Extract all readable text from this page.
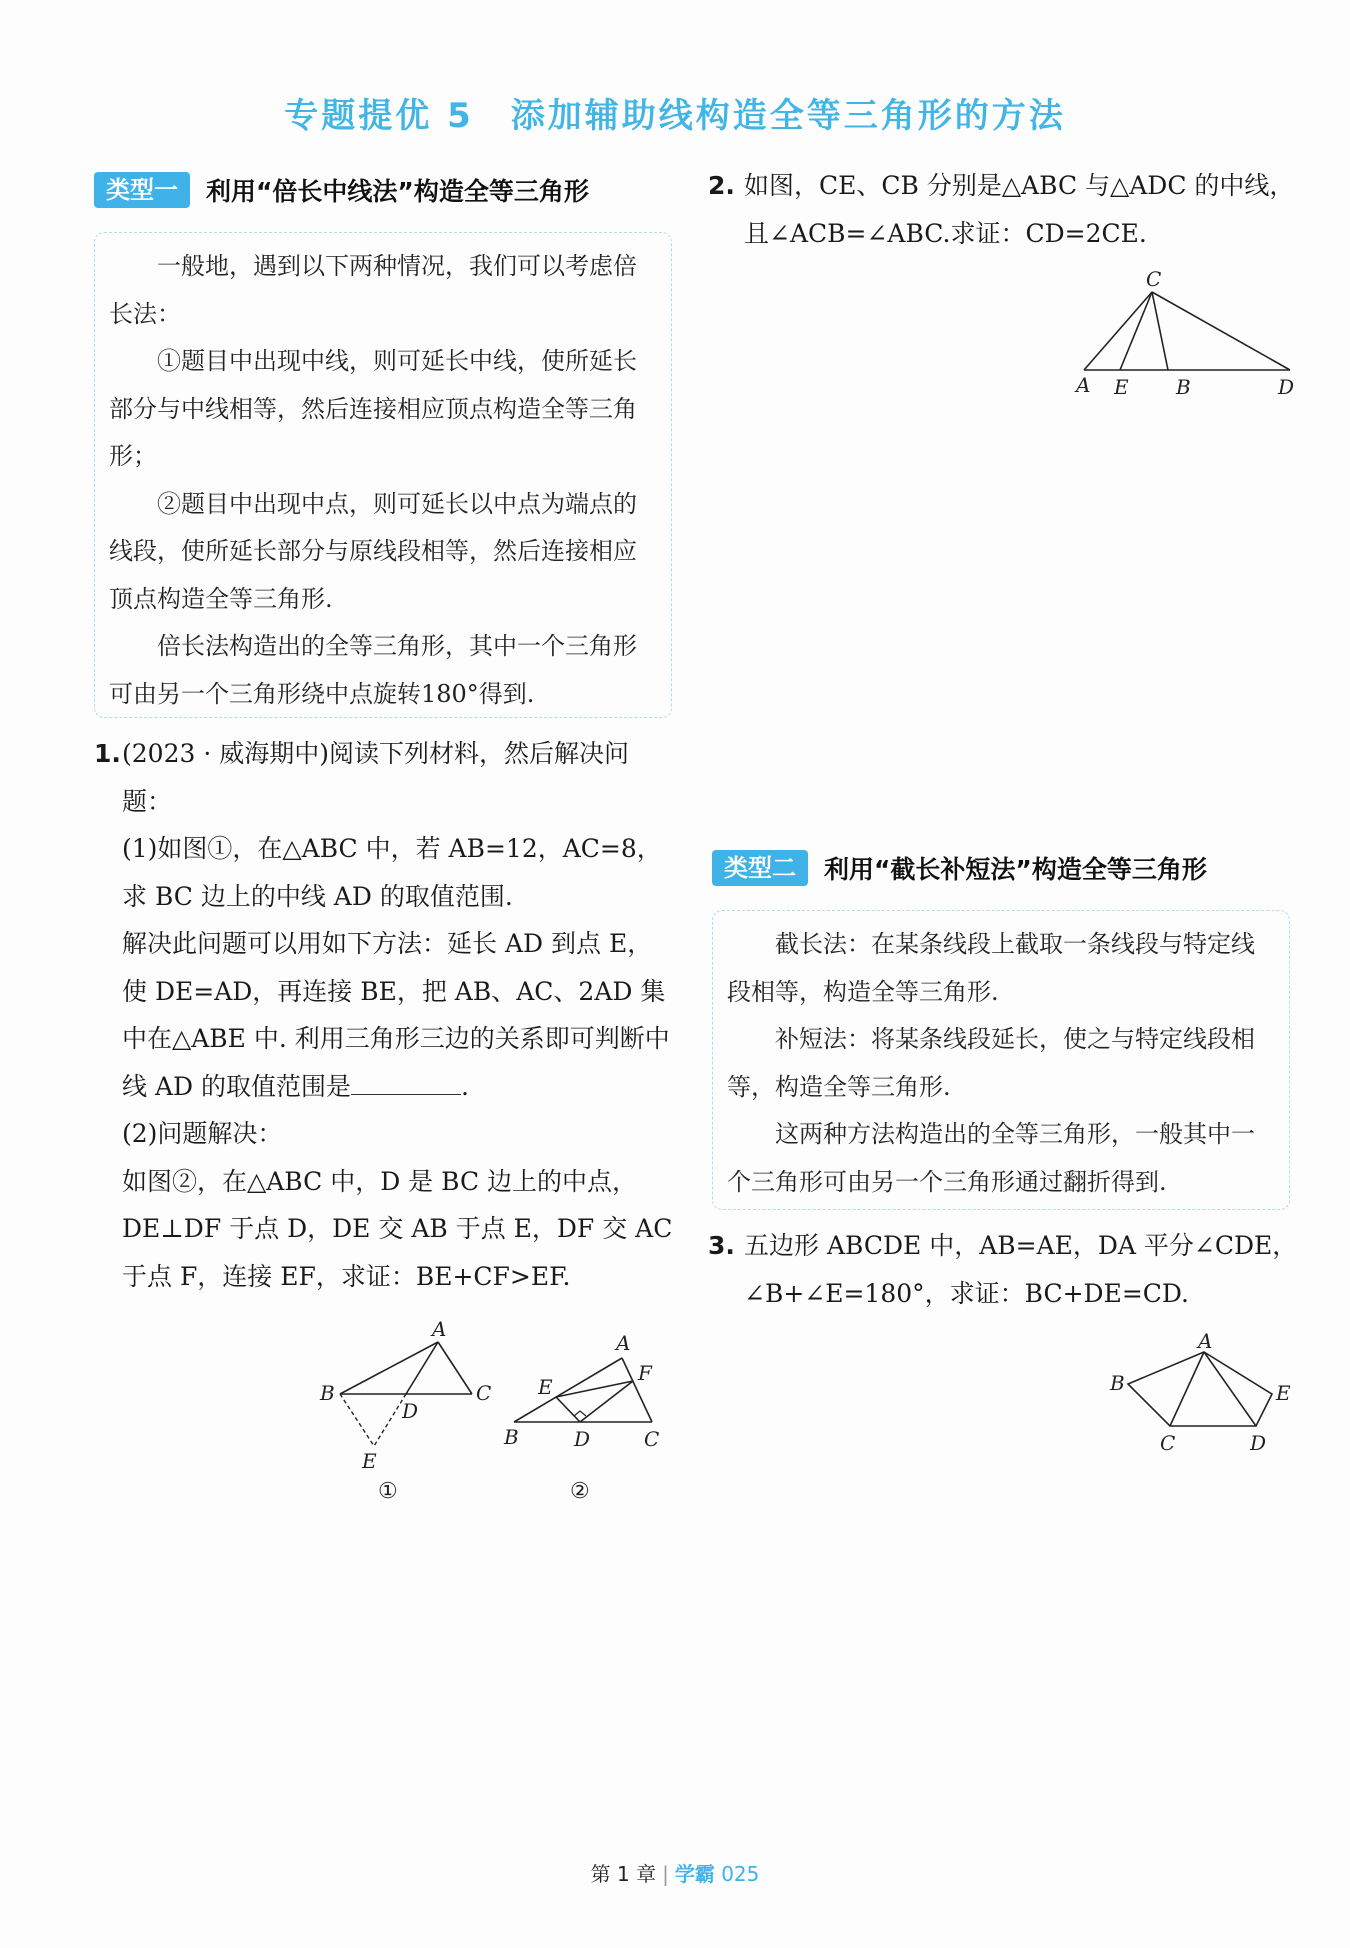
专题提优 5　添加辅助线构造全等三角形的方法
类型一	利用“倍长中线法”构造全等三角形

一般地，遇到以下两种情况，我们可以考虑倍长法：

①题目中出现中线，则可延长中线，使所延长部分与中线相等，然后连接相应顶点构造全等三角形；

②题目中出现中点，则可延长以中点为端点的线段，使所延长部分与原线段相等，然后连接相应顶点构造全等三角形.

倍长法构造出的全等三角形，其中一个三角形可由另一个三角形绕中点旋转180°得到.

1. (2023 · 威海期中)阅读下列材料，然后解决问题：
(1)如图①，在△ABC 中，若 AB=12，AC=8，求 BC 边上的中线 AD 的取值范围.
解决此问题可以用如下方法：延长 AD 到点 E，使 DE=AD，再连接 BE，把 AB、AC、2AD 集中在△ABE 中. 利用三角形三边的关系即可判断中线 AD 的取值范围是	.
(2)问题解决：
如图②，在△ABC 中，D 是 BC 边上的中点，DE⊥DF 于点 D，DE 交 AB 于点 E，DF 交 AC 于点 F，连接 EF，求证：BE+CF>EF.
A
B	C
D
E
①
A
E
F
B	D	C
②
2. 如图，CE、CB 分别是△ABC 与△ADC 的中线，且∠ACB=∠ABC.求证：CD=2CE.
C
A E B	D
类型二	利用“截长补短法”构造全等三角形

截长法：在某条线段上截取一条线段与特定线段相等，构造全等三角形.

补短法：将某条线段延长，使之与特定线段相等，构造全等三角形.

这两种方法构造出的全等三角形，一般其中一个三角形可由另一个三角形通过翻折得到.

3. 五边形 ABCDE 中，AB=AE，DA 平分∠CDE，∠B+∠E=180°，求证：BC+DE=CD.
A
B	E
C	D
第 1 章 | 学霸 025
